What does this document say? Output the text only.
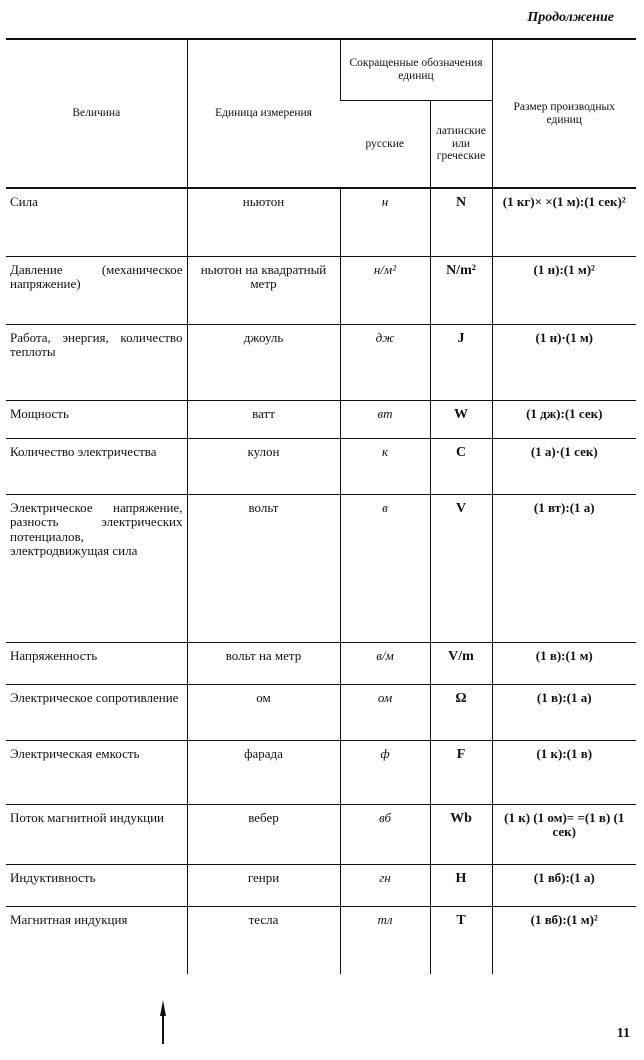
Продолжение
Величина	Единица измерения	Сокращенные обозначения единиц		Размер производных единиц
		русские	латинские или греческие	

Сила	ньютон	н	N	(1 кг)× ×(1 м):(1 сек)²

Давление (механическое напряжение)	ньютон на квадратный метр	н/м²	N/m²	(1 н):(1 м)²

Работа, энергия, количество теплоты	джоуль	дж	J	(1 н)·(1 м)

Мощность	ватт	вт	W	(1 дж):(1 сек)

Количество электричества	кулон	к	C	(1 а)·(1 сек)

Электрическое напряжение, разность электрических потенциалов, электродвижущая сила	вольт	в	V	(1 вт):(1 а)

Напряженность	вольт на метр	в/м	V/m	(1 в):(1 м)

Электрическое сопротивление	ом	ом	Ω	(1 в):(1 а)

Электрическая емкость	фарада	ф	F	(1 к):(1 в)

Поток магнитной индукции	вебер	вб	Wb	(1 к) (1 ом)= =(1 в) (1 сек)

Индуктивность	генри	гн	H	(1 вб):(1 а)

Магнитная индукция	тесла	тл	T	(1 вб):(1 м)²
11
